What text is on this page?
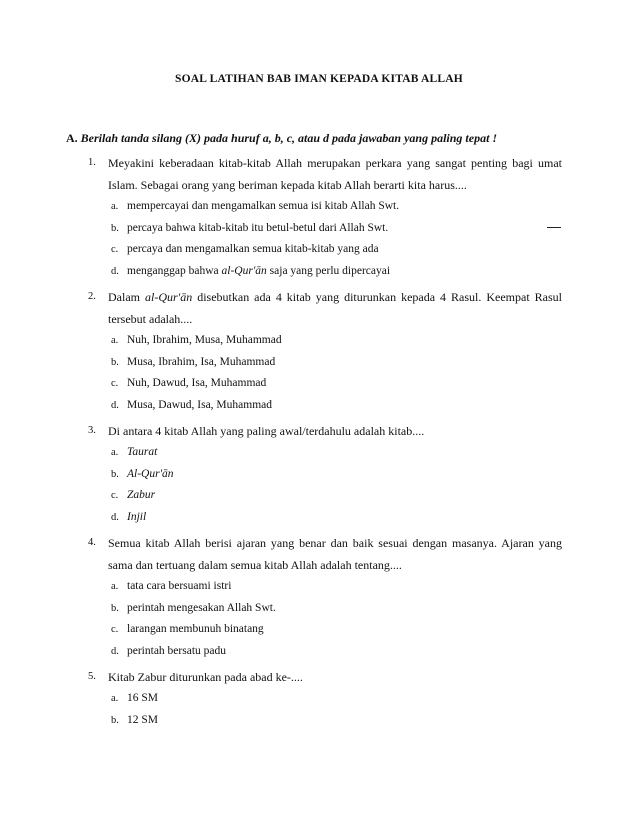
SOAL LATIHAN BAB IMAN KEPADA KITAB ALLAH
A. Berilah tanda silang (X) pada huruf a, b, c, atau d pada jawaban yang paling tepat !
1.	Meyakini keberadaan kitab-kitab Allah merupakan perkara yang sangat penting bagi umat Islam. Sebagai orang yang beriman kepada kitab Allah berarti kita harus....
a. mempercayai dan mengamalkan semua isi kitab Allah Swt.
b. percaya bahwa kitab-kitab itu betul-betul dari Allah Swt.
c. percaya dan mengamalkan semua kitab-kitab yang ada
d. menganggap bahwa al-Qur'ān saja yang perlu dipercayai
2.	Dalam al-Qur'ān disebutkan ada 4 kitab yang diturunkan kepada 4 Rasul. Keempat Rasul tersebut adalah....
a. Nuh, Ibrahim, Musa, Muhammad
b. Musa, Ibrahim, Isa, Muhammad
c. Nuh, Dawud, Isa, Muhammad
d. Musa, Dawud, Isa, Muhammad
3.	Di antara 4 kitab Allah yang paling awal/terdahulu adalah kitab....
a. Taurat
b. Al-Qur'ān
c. Zabur
d. Injil
4.	Semua kitab Allah berisi ajaran yang benar dan baik sesuai dengan masanya. Ajaran yang sama dan tertuang dalam semua kitab Allah adalah tentang....
a. tata cara bersuami istri
b. perintah mengesakan Allah Swt.
c. larangan membunuh binatang
d. perintah bersatu padu
5.	Kitab Zabur diturunkan pada abad ke-....
a. 16 SM
b. 12 SM
